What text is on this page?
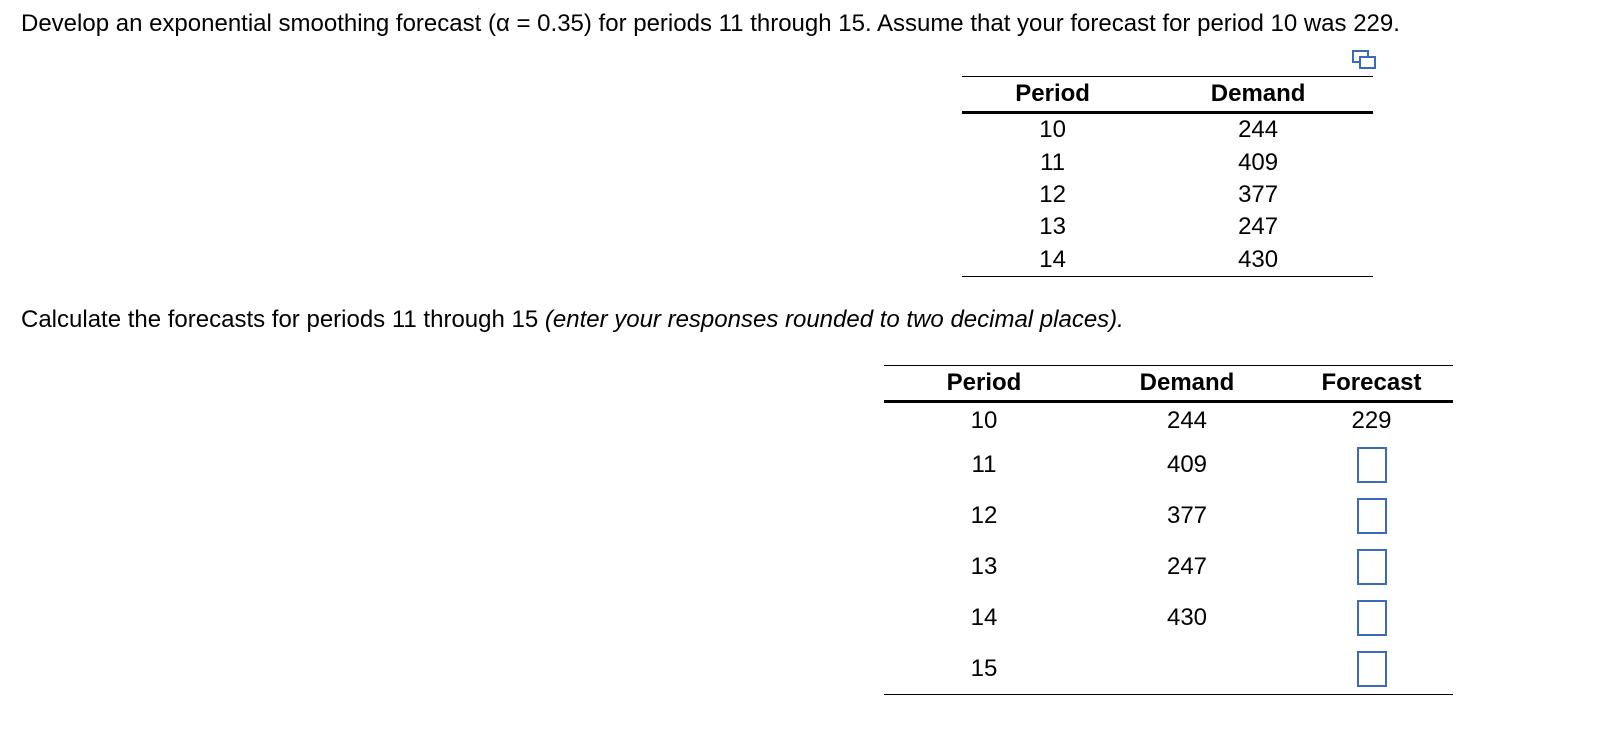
Develop an exponential smoothing forecast (α = 0.35) for periods 11 through 15. Assume that your forecast for period 10 was 229.
Period	Demand
10	244
11	409
12	377
13	247
14	430
Calculate the forecasts for periods 11 through 15 (enter your responses rounded to two decimal places).
Period	Demand	Forecast
10	244	229
11	409	
12	377	
13	247	
14	430	
15		
